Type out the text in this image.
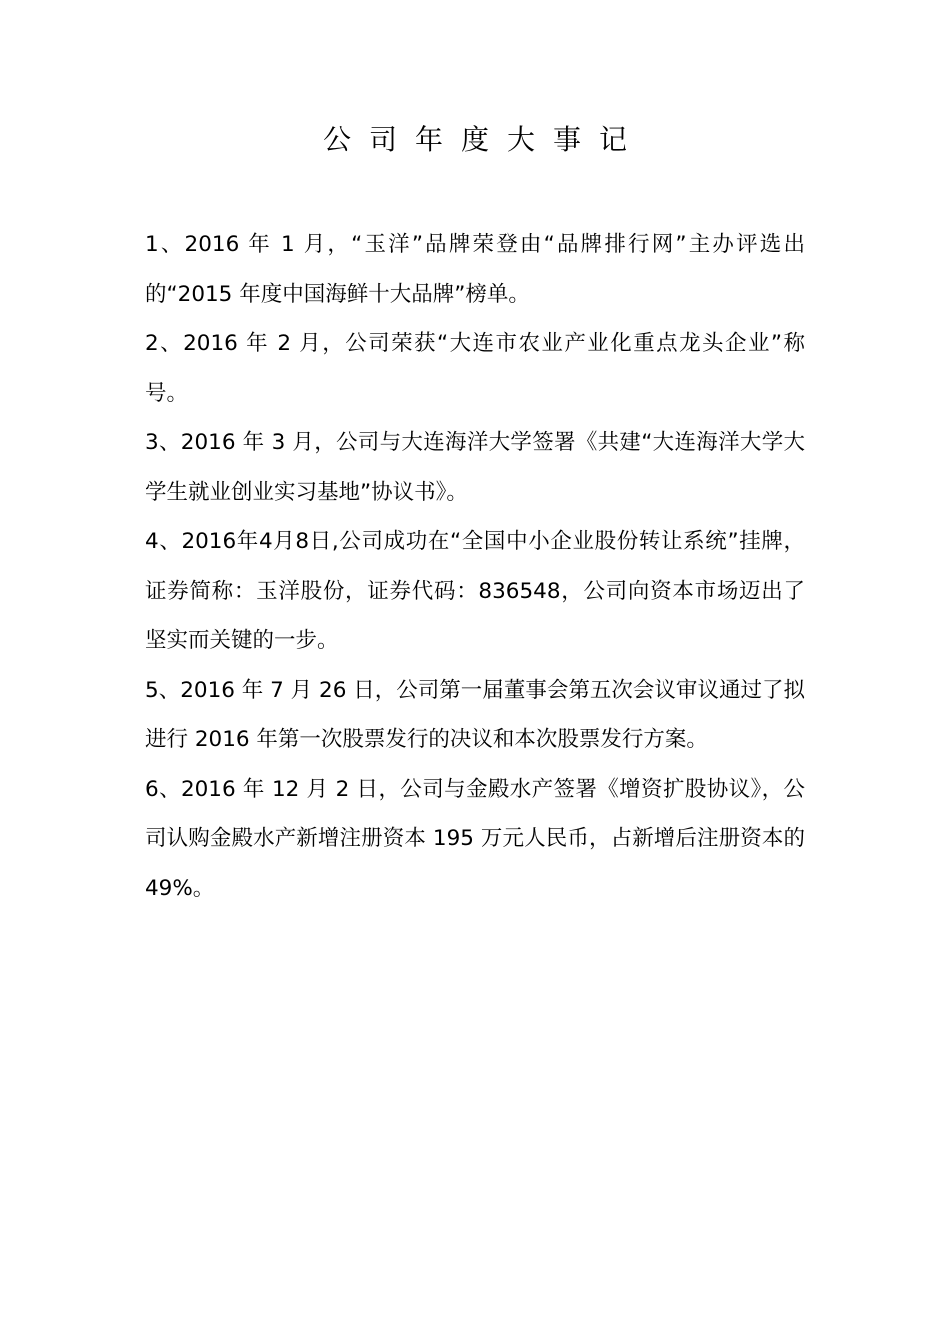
公司年度大事记

1、2016 年 1 月，“玉洋”品牌荣登由“品牌排行网”主办评选出的“2015 年度中国海鲜十大品牌”榜单。

2、2016 年 2 月，公司荣获“大连市农业产业化重点龙头企业”称号。

3、2016 年 3 月，公司与大连海洋大学签署《共建“大连海洋大学大学生就业创业实习基地”协议书》。

4、2016年4月8日,公司成功在“全国中小企业股份转让系统”挂牌，证券简称：玉洋股份，证券代码：836548，公司向资本市场迈出了坚实而关键的一步。

5、2016 年 7 月 26 日，公司第一届董事会第五次会议审议通过了拟进行 2016 年第一次股票发行的决议和本次股票发行方案。

6、2016 年 12 月 2 日，公司与金殿水产签署《增资扩股协议》，公司认购金殿水产新增注册资本 195 万元人民币，占新增后注册资本的 49%。
